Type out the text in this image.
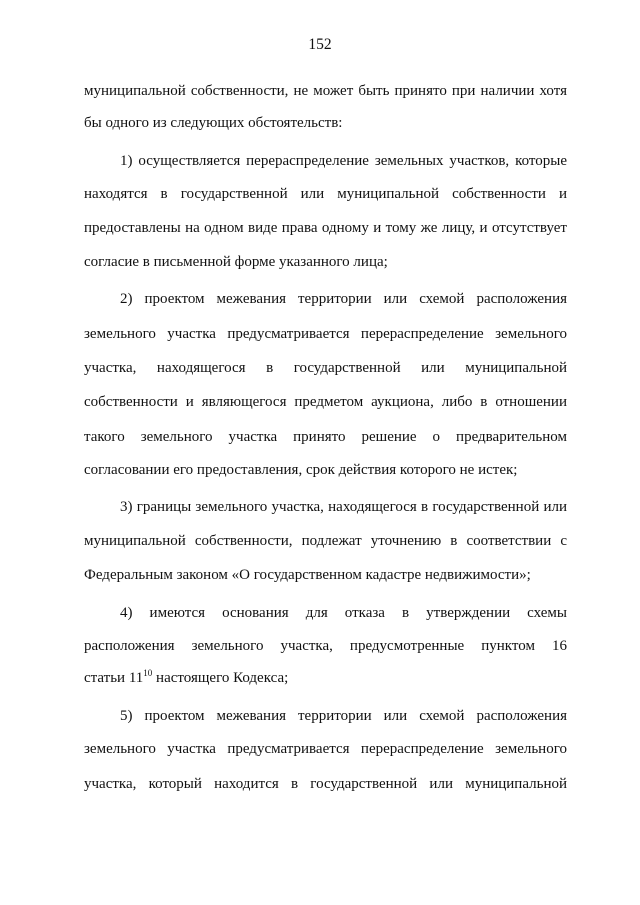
152
муниципальной собственности, не может быть принято при наличии хотя
бы одного из следующих обстоятельств:
1) осуществляется перераспределение земельных участков, которые
находятся в государственной или муниципальной собственности и
предоставлены на одном виде права одному и тому же лицу, и отсутствует
согласие в письменной форме указанного лица;
2) проектом межевания территории или схемой расположения
земельного участка предусматривается перераспределение земельного
участка, находящегося в государственной или муниципальной
собственности и являющегося предметом аукциона, либо в отношении
такого земельного участка принято решение о предварительном
согласовании его предоставления, срок действия которого не истек;
3) границы земельного участка, находящегося в государственной или
муниципальной собственности, подлежат уточнению в соответствии с
Федеральным законом «О государственном кадастре недвижимости»;
4) имеются основания для отказа в утверждении схемы
расположения земельного участка, предусмотренные пунктом 16
статьи $11^{10}$ настоящего Кодекса;
5) проектом межевания территории или схемой расположения
земельного участка предусматривается перераспределение земельного
участка, который находится в государственной или муниципальной
